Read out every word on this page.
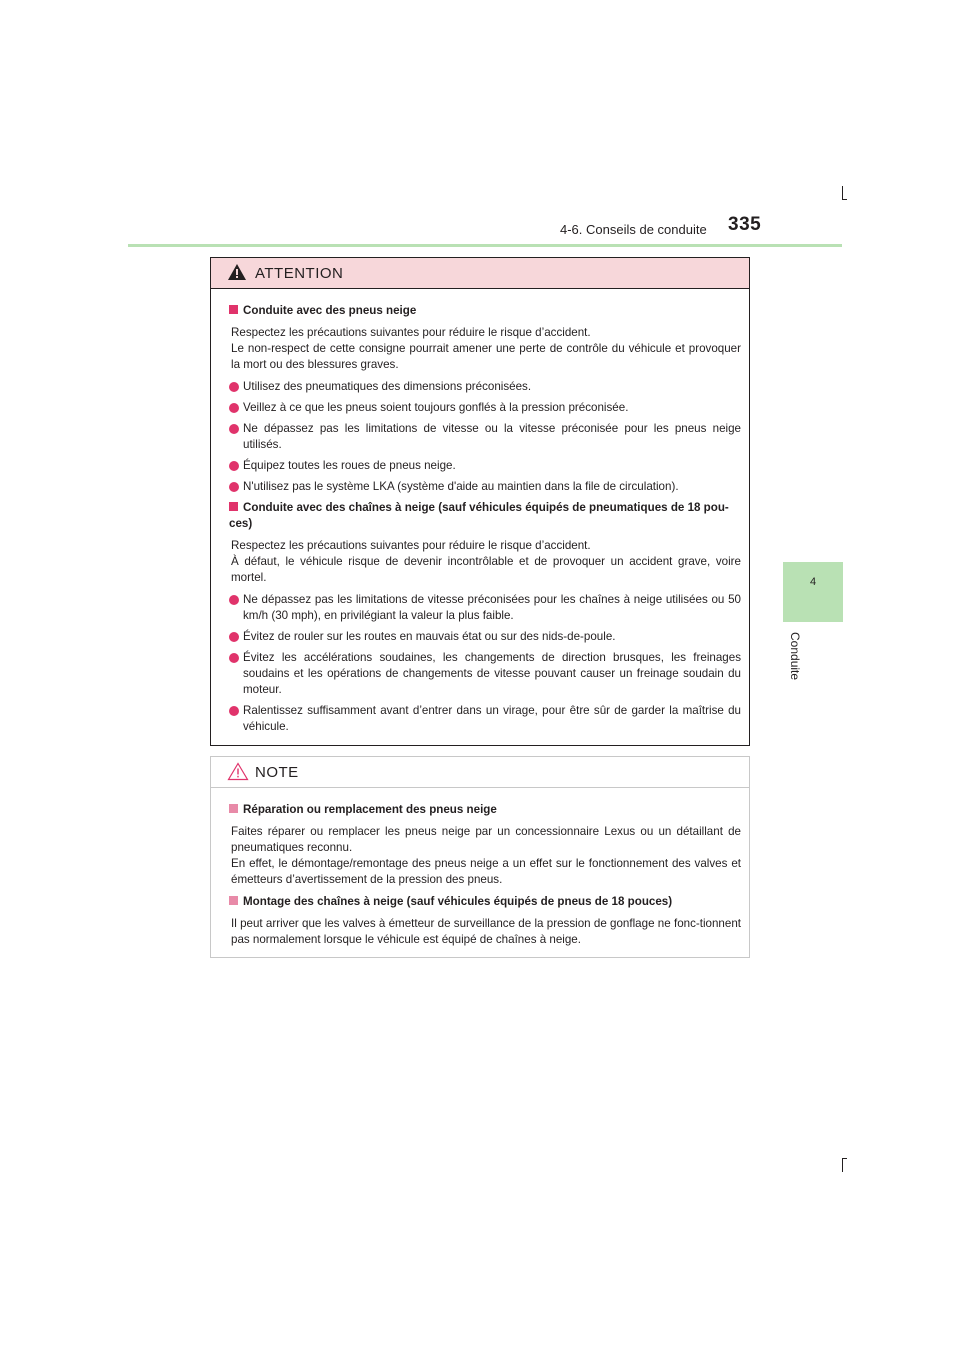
4-6. Conseils de conduite 335
4
Conduite
ATTENTION
Conduite avec des pneus neige
Respectez les précautions suivantes pour réduire le risque d’accident.
Le non-respect de cette consigne pourrait amener une perte de contrôle du véhicule et provoquer la mort ou des blessures graves.
Utilisez des pneumatiques des dimensions préconisées.
Veillez à ce que les pneus soient toujours gonflés à la pression préconisée.
Ne dépassez pas les limitations de vitesse ou la vitesse préconisée pour les pneus neige utilisés.
Équipez toutes les roues de pneus neige.
N'utilisez pas le système LKA (système d'aide au maintien dans la file de circulation).
Conduite avec des chaînes à neige (sauf véhicules équipés de pneumatiques de 18 pou-ces)
Respectez les précautions suivantes pour réduire le risque d’accident.
À défaut, le véhicule risque de devenir incontrôlable et de provoquer un accident grave, voire mortel.
Ne dépassez pas les limitations de vitesse préconisées pour les chaînes à neige utilisées ou 50 km/h (30 mph), en privilégiant la valeur la plus faible.
Évitez de rouler sur les routes en mauvais état ou sur des nids-de-poule.
Évitez les accélérations soudaines, les changements de direction brusques, les freinages soudains et les opérations de changements de vitesse pouvant causer un freinage soudain du moteur.
Ralentissez suffisamment avant d’entrer dans un virage, pour être sûr de garder la maîtrise du véhicule.
NOTE
Réparation ou remplacement des pneus neige
Faites réparer ou remplacer les pneus neige par un concessionnaire Lexus ou un détaillant de pneumatiques reconnu.
En effet, le démontage/remontage des pneus neige a un effet sur le fonctionnement des valves et émetteurs d’avertissement de la pression des pneus.
Montage des chaînes à neige (sauf véhicules équipés de pneus de 18 pouces)
Il peut arriver que les valves à émetteur de surveillance de la pression de gonflage ne fonc-tionnent pas normalement lorsque le véhicule est équipé de chaînes à neige.
